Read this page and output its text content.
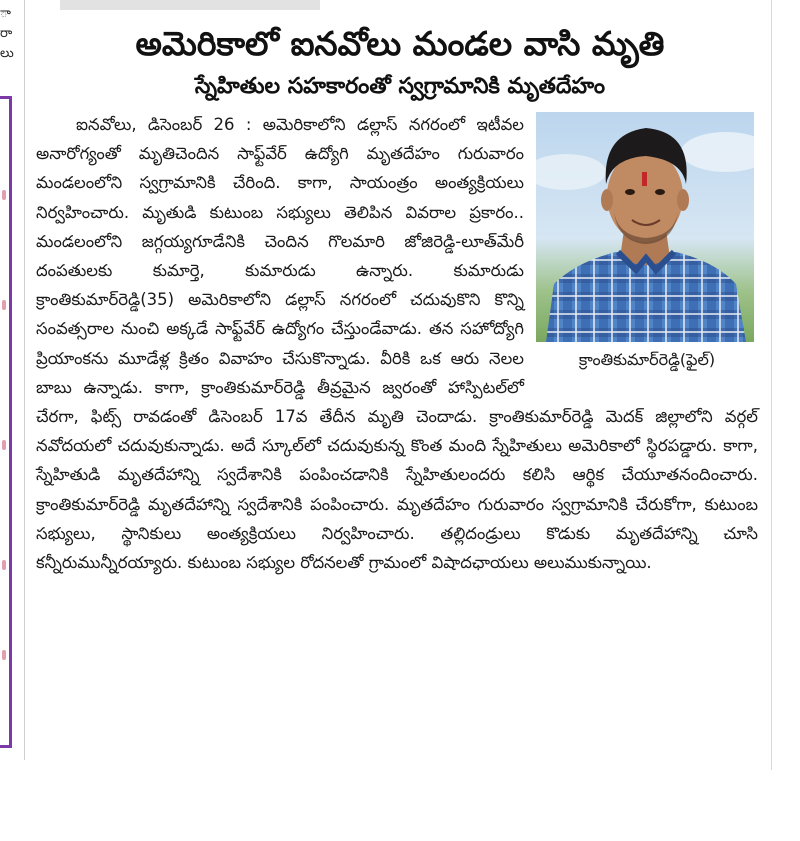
ా
రా
లు	అమెరికాలో ఐనవోలు మండల వాసి మృతి
స్నేహితుల సహకారంతో స్వగ్రామానికి మృతదేహం
క్రాంతికుమార్‌రెడ్డి(ఫైల్‌)

ఐనవోలు, డిసెంబర్‌ 26 : అమెరికాలోని డల్లాస్‌ నగరంలో ఇటీవల అనారోగ్యంతో మృతిచెందిన సాఫ్ట్‌వేర్‌ ఉద్యోగి మృతదేహం గురువారం మండలంలోని స్వగ్రామానికి చేరింది. కాగా, సాయంత్రం అంత్యక్రియలు నిర్వహించారు. మృతుడి కుటుంబ సభ్యులు తెలిపిన వివరాల ప్రకారం.. మండలంలోని జగ్గయ్యగూడేనికి చెందిన గొలమారి జోజిరెడ్డి-లూత్‌మేరీ దంపతులకు కుమార్తె, కుమారుడు ఉన్నారు. కుమారుడు క్రాంతికుమార్‌రెడ్డి(35) అమెరికాలోని డల్లాస్‌ నగరంలో చదువుకొని కొన్ని సంవత్సరాల నుంచి అక్కడే సాఫ్ట్‌వేర్‌ ఉద్యోగం చేస్తుండేవాడు. తన సహోద్యోగి ప్రియాంకను మూడేళ్ల క్రితం వివాహం చేసుకొన్నాడు. వీరికి ఒక ఆరు నెలల బాబు ఉన్నాడు. కాగా, క్రాంతికుమార్‌రెడ్డి తీవ్రమైన జ్వరంతో హాస్పిటల్‌లో చేరగా, ఫిట్స్‌ రావడంతో డిసెంబర్‌ 17వ తేదీన మృతి చెందాడు. క్రాంతికుమార్‌రెడ్డి మెదక్‌ జిల్లాలోని వర్గల్‌ నవోదయలో చదువుకున్నాడు. అదే స్కూల్‌లో చదువుకున్న కొంత మంది స్నేహితులు అమెరికాలో స్థిరపడ్డారు. కాగా, స్నేహితుడి మృతదేహాన్ని స్వదేశానికి పంపించడానికి స్నేహితులందరు కలిసి ఆర్థిక చేయూతనందించారు. క్రాంతికుమార్‌రెడ్డి మృతదేహాన్ని స్వదేశానికి పంపించారు. మృతదేహం గురువారం స్వగ్రామానికి చేరుకోగా, కుటుంబ సభ్యులు, స్థానికులు అంత్యక్రియలు నిర్వహించారు. తల్లిదండ్రులు కొడుకు మృతదేహాన్ని చూసి కన్నీరుమున్నీరయ్యారు. కుటుంబ సభ్యుల రోదనలతో గ్రామంలో విషాదఛాయలు అలుముకున్నాయి.
